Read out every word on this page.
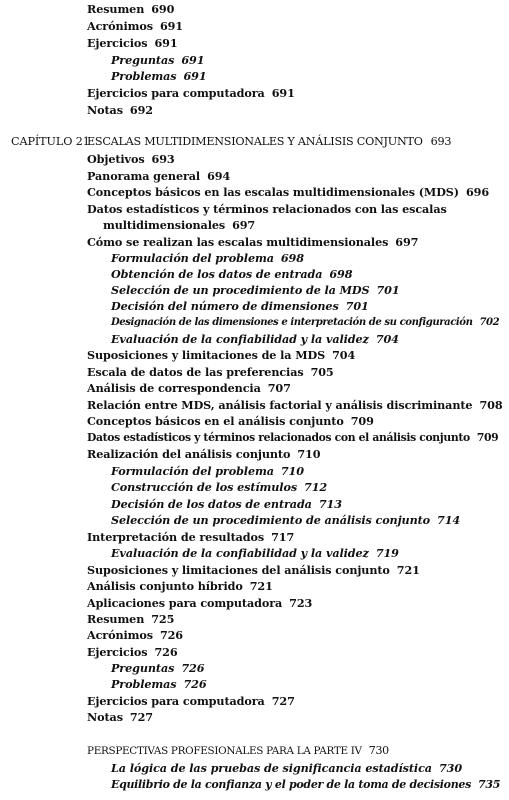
Resumen 690
Acrónimos 691
Ejercicios 691
Preguntas 691
Problemas 691
Ejercicios para computadora 691
Notas 692
CAPÍTULO 21
ESCALAS MULTIDIMENSIONALES Y ANÁLISIS CONJUNTO 693
Objetivos 693
Panorama general 694
Conceptos básicos en las escalas multidimensionales (MDS) 696
Datos estadísticos y términos relacionados con las escalas
multidimensionales 697
Cómo se realizan las escalas multidimensionales 697
Formulación del problema 698
Obtención de los datos de entrada 698
Selección de un procedimiento de la MDS 701
Decisión del número de dimensiones 701
Designación de las dimensiones e interpretación de su configuración 702
Evaluación de la confiabilidad y la validez 704
Suposiciones y limitaciones de la MDS 704
Escala de datos de las preferencias 705
Análisis de correspondencia 707
Relación entre MDS, análisis factorial y análisis discriminante 708
Conceptos básicos en el análisis conjunto 709
Datos estadísticos y términos relacionados con el análisis conjunto 709
Realización del análisis conjunto 710
Formulación del problema 710
Construcción de los estímulos 712
Decisión de los datos de entrada 713
Selección de un procedimiento de análisis conjunto 714
Interpretación de resultados 717
Evaluación de la confiabilidad y la validez 719
Suposiciones y limitaciones del análisis conjunto 721
Análisis conjunto híbrido 721
Aplicaciones para computadora 723
Resumen 725
Acrónimos 726
Ejercicios 726
Preguntas 726
Problemas 726
Ejercicios para computadora 727
Notas 727
PERSPECTIVAS PROFESIONALES PARA LA PARTE IV 730
La lógica de las pruebas de significancia estadística 730
Equilibrio de la confianza y el poder de la toma de decisiones 735
